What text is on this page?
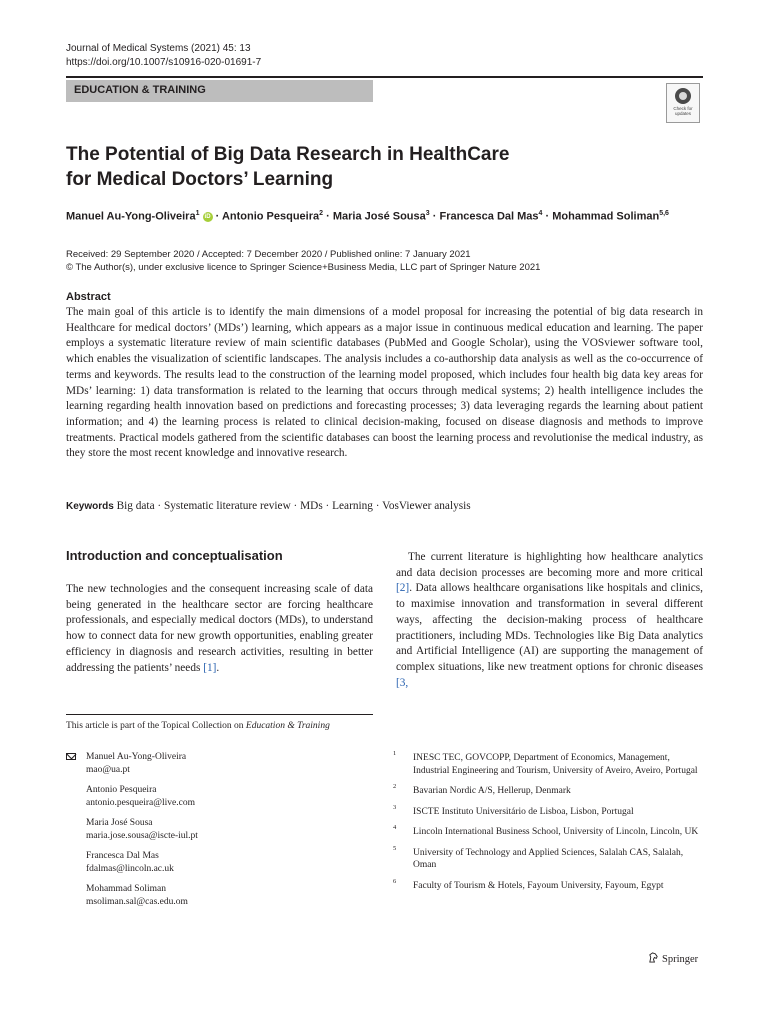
Journal of Medical Systems (2021) 45: 13
https://doi.org/10.1007/s10916-020-01691-7
EDUCATION & TRAINING
Check for
updates
The Potential of Big Data Research in HealthCare
for Medical Doctors’ Learning
Manuel Au-Yong-Oliveira$^1$ iD · Antonio Pesqueira$^2$ · Maria José Sousa$^3$ · Francesca Dal Mas$^4$ · Mohammad Soliman$^{5,6}$
Received: 29 September 2020 / Accepted: 7 December 2020 / Published online: 7 January 2021
© The Author(s), under exclusive licence to Springer Science+Business Media, LLC part of Springer Nature 2021
Abstract
The main goal of this article is to identify the main dimensions of a model proposal for increasing the potential of big data research in Healthcare for medical doctors’ (MDs’) learning, which appears as a major issue in continuous medical education and learning. The paper employs a systematic literature review of main scientific databases (PubMed and Google Scholar), using the VOSviewer software tool, which enables the visualization of scientific landscapes. The analysis includes a co-authorship data analysis as well as the co-occurrence of terms and keywords. The results lead to the construction of the learning model proposed, which includes four health big data key areas for MDs’ learning: 1) data transformation is related to the learning that occurs through medical systems; 2) health intelligence includes the learning regarding health innovation based on predictions and forecasting processes; 3) data leveraging regards the learning about patient information; and 4) the learning process is related to clinical decision-making, focused on disease diagnosis and methods to improve treatments. Practical models gathered from the scientific databases can boost the learning process and revolutionise the medical industry, as they store the most recent knowledge and innovative research.
Keywords Big data · Systematic literature review · MDs · Learning · VosViewer analysis
Introduction and conceptualisation
The new technologies and the consequent increasing scale of data being generated in the healthcare sector are forcing healthcare professionals, and especially medical doctors (MDs), to understand how to connect data for new growth opportunities, enabling greater efficiency in diagnosis and research activities, resulting in better addressing the patients’ needs [1].
The current literature is highlighting how healthcare analytics and data decision processes are becoming more and more critical [2]. Data allows healthcare organisations like hospitals and clinics, to maximise innovation and transformation in several different ways, affecting the decision-making process of healthcare practitioners, including MDs. Technologies like Big Data analytics and Artificial Intelligence (AI) are supporting the management of complex situations, like new treatment options for chronic diseases [3,
This article is part of the Topical Collection on Education & Training
Manuel Au-Yong-Oliveira
mao@ua.pt
Antonio Pesqueira
antonio.pesqueira@live.com
Maria José Sousa
maria.jose.sousa@iscte-iul.pt
Francesca Dal Mas
fdalmas@lincoln.ac.uk
Mohammad Soliman
msoliman.sal@cas.edu.om
1 INESC TEC, GOVCOPP, Department of Economics, Management, Industrial Engineering and Tourism, University of Aveiro, Aveiro, Portugal
2 Bavarian Nordic A/S, Hellerup, Denmark
3 ISCTE Instituto Universitário de Lisboa, Lisbon, Portugal
4 Lincoln International Business School, University of Lincoln, Lincoln, UK
5 University of Technology and Applied Sciences, Salalah CAS, Salalah, Oman
6 Faculty of Tourism & Hotels, Fayoum University, Fayoum, Egypt
Springer
